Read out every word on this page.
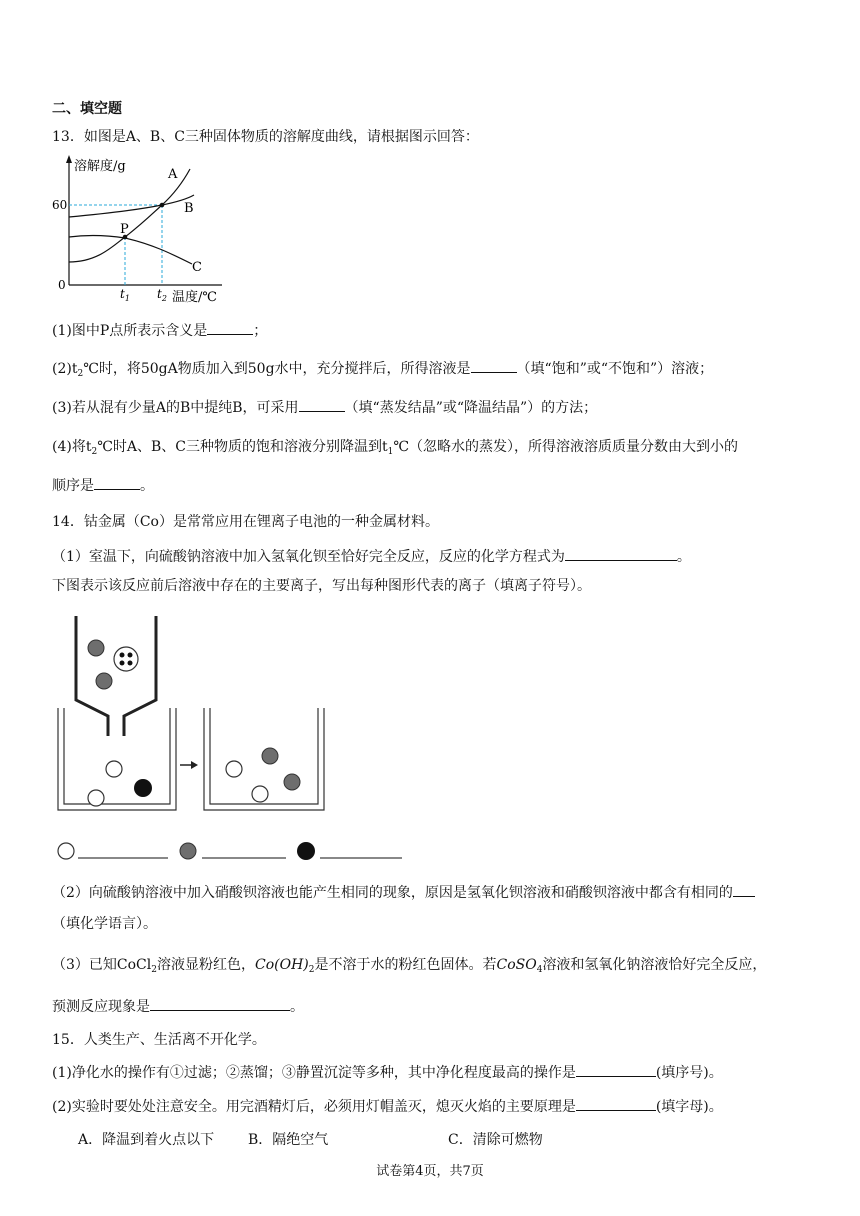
二、填空题
13．如图是A、B、C三种固体物质的溶解度曲线，请根据图示回答：
溶解度/g
温度/℃
60
0
$t_1$ $t_2$
A
B
C
P
(1)图中P点所表示含义是	；
$(2)t_2℃$时，将50gA物质加入到50g水中，充分搅拌后，所得溶液是	（填“饱和”或“不饱和”）溶液；
(3)若从混有少量A的B中提纯B，可采用	（填“蒸发结晶”或“降温结晶”）的方法；
(4)将$t_2℃$时A、B、C三种物质的饱和溶液分别降温到$t_1℃$（忽略水的蒸发），所得溶液溶质质量分数由大到小的
顺序是	。
14．钴金属（Co）是常常应用在锂离子电池的一种金属材料。
（1）室温下，向硫酸钠溶液中加入氢氧化钡至恰好完全反应，反应的化学方程式为	。
下图表示该反应前后溶液中存在的主要离子，写出每种图形代表的离子（填离子符号）。
（2）向硫酸钠溶液中加入硝酸钡溶液也能产生相同的现象，原因是氢氧化钡溶液和硝酸钡溶液中都含有相同的
（填化学语言）。
（3）已知CoCl$_2$溶液显粉红色，$Co(OH)_2$是不溶于水的粉红色固体。若CoSO$_4$溶液和氢氧化钠溶液恰好完全反应，
预测反应现象是	。
15．人类生产、生活离不开化学。
(1)净化水的操作有①过滤；②蒸馏；③静置沉淀等多种，其中净化程度最高的操作是	(填序号)。
(2)实验时要处处注意安全。用完酒精灯后，必须用灯帽盖灭，熄灭火焰的主要原理是	(填字母)。
A．降温到着火点以下 B．隔绝空气	C．清除可燃物
试卷第4页，共7页
